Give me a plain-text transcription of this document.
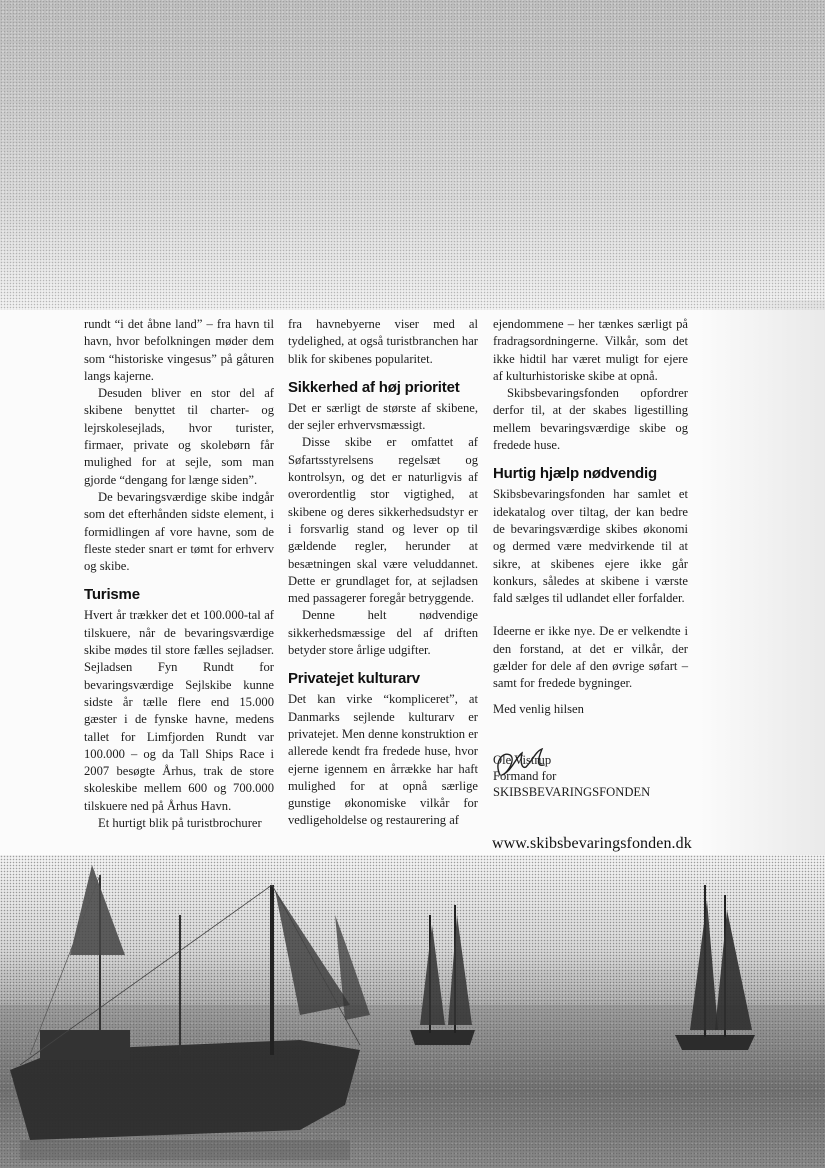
rundt “i det åbne land” – fra havn til havn, hvor befolkningen møder dem som “historiske vingesus” på gåturen langs kajerne.

Desuden bliver en stor del af skibene benyttet til charter- og lejrskolesejlads, hvor turister, firmaer, private og skolebørn får mulighed for at sejle, som man gjorde “dengang for længe siden”.

De bevaringsværdige skibe indgår som det efterhånden sidste element, i formidlingen af vore havne, som de fleste steder snart er tømt for erhverv og skibe.

Turisme

Hvert år trækker det et 100.000-tal af tilskuere, når de bevaringsværdige skibe mødes til store fælles sejladser. Sejladsen Fyn Rundt for bevaringsværdige Sejlskibe kunne sidste år tælle flere end 15.000 gæster i de fynske havne, medens tallet for Limfjorden Rundt var 100.000 – og da Tall Ships Race i 2007 besøgte Århus, trak de store skoleskibe mellem 600 og 700.000 tilskuere ned på Århus Havn.

Et hurtigt blik på turistbrochurer

fra havnebyerne viser med al tydelighed, at også turistbranchen har blik for skibenes popularitet.

Sikkerhed af høj prioritet

Det er særligt de største af skibene, der sejler erhvervsmæssigt.

Disse skibe er omfattet af Søfartsstyrelsens regelsæt og kontrolsyn, og det er naturligvis af overordentlig stor vigtighed, at skibene og deres sikkerhedsudstyr er i forsvarlig stand og lever op til gældende regler, herunder at besætningen skal være veluddannet. Dette er grundlaget for, at sejladsen med passagerer foregår betryggende.

Denne helt nødvendige sikkerhedsmæssige del af driften betyder store årlige udgifter.

Privatejet kulturarv

Det kan virke “kompliceret”, at Danmarks sejlende kulturarv er privatejet. Men denne konstruktion er allerede kendt fra fredede huse, hvor ejerne igennem en årrække har haft mulighed for at opnå særlige gunstige økonomiske vilkår for vedligeholdelse og restaurering af

ejendommene – her tænkes særligt på fradragsordningerne. Vilkår, som det ikke hidtil har været muligt for ejere af kulturhistoriske skibe at opnå.

Skibsbevaringsfonden opfordrer derfor til, at der skabes ligestilling mellem bevaringsværdige skibe og fredede huse.

Hurtig hjælp nødvendig

Skibsbevaringsfonden har samlet et idekatalog over tiltag, der kan bedre de bevaringsværdige skibes økonomi og dermed være medvirkende til at sikre, at skibenes ejere ikke går konkurs, således at skibene i værste fald sælges til udlandet eller forfalder.

Ideerne er ikke nye. De er velkendte i den forstand, at det er vilkår, der gælder for dele af den øvrige søfart – samt for fredede bygninger.

Med venlig hilsen

Ole Vistrup
Formand for
SKIBSBEVARINGSFONDEN
www.skibsbevaringsfonden.dk
